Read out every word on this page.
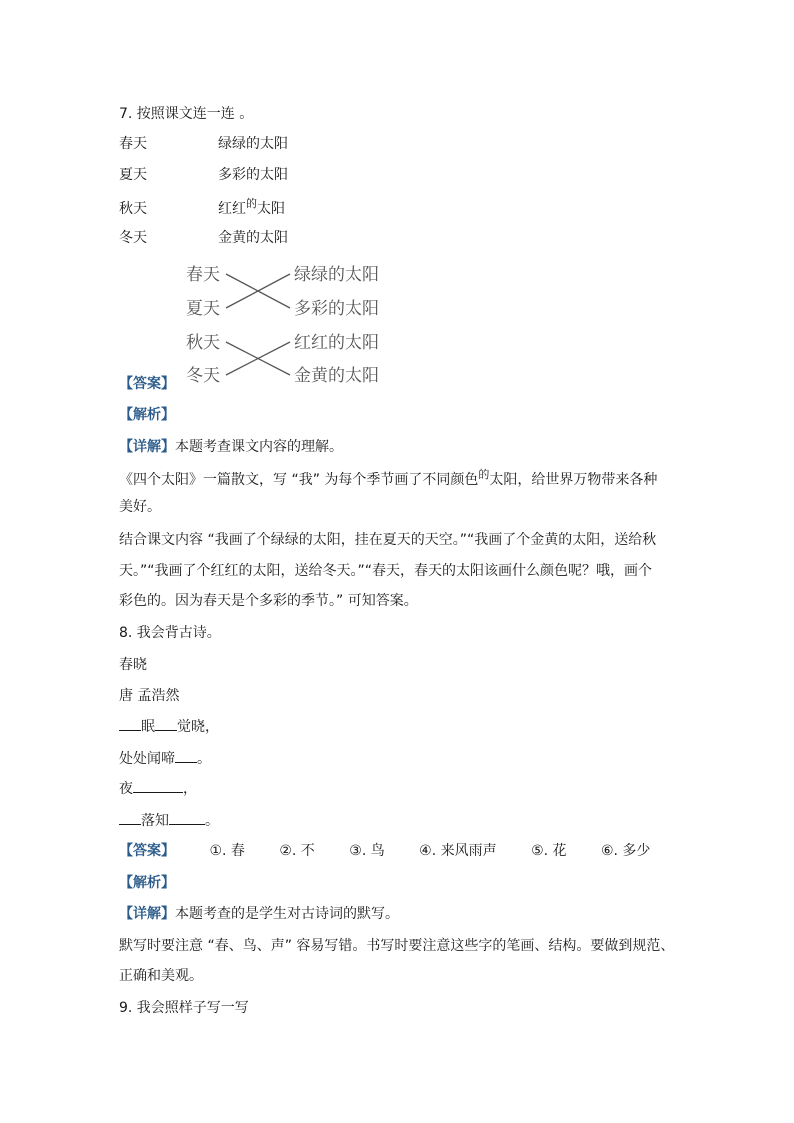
7. 按照课文连一连 。
春天	绿绿的太阳
夏天	多彩的太阳
秋天	红红$^的$太阳
冬天	金黄的太阳
春天
夏天
秋天
冬天
绿绿的太阳
多彩的太阳
红红的太阳
金黄的太阳
【答案】
【解析】
【详解】本题考查课文内容的理解。
《四个太阳》一篇散文，写 “我” 为每个季节画了不同颜色$^的$太阳，给世界万物带来各种
美好。
结合课文内容 “我画了个绿绿的太阳，挂在夏天的天空。”“我画了个金黄的太阳，送给秋
天。”“我画了个红红的太阳，送给冬天。”“春天，春天的太阳该画什么颜色呢？哦，画个
彩色的。因为春天是个多彩的季节。” 可知答案。
8. 我会背古诗。
春晓
唐 孟浩然
眠 觉晓，
处处闻啼 。
夜	，
落知	。
【答案】 ①. 春 ②. 不 ③. 鸟 ④. 来风雨声 ⑤. 花 ⑥. 多少
【解析】
【详解】本题考查的是学生对古诗词的默写。
默写时要注意 “春、鸟、声” 容易写错。书写时要注意这些字的笔画、结构。要做到规范、
正确和美观。
9. 我会照样子写一写
